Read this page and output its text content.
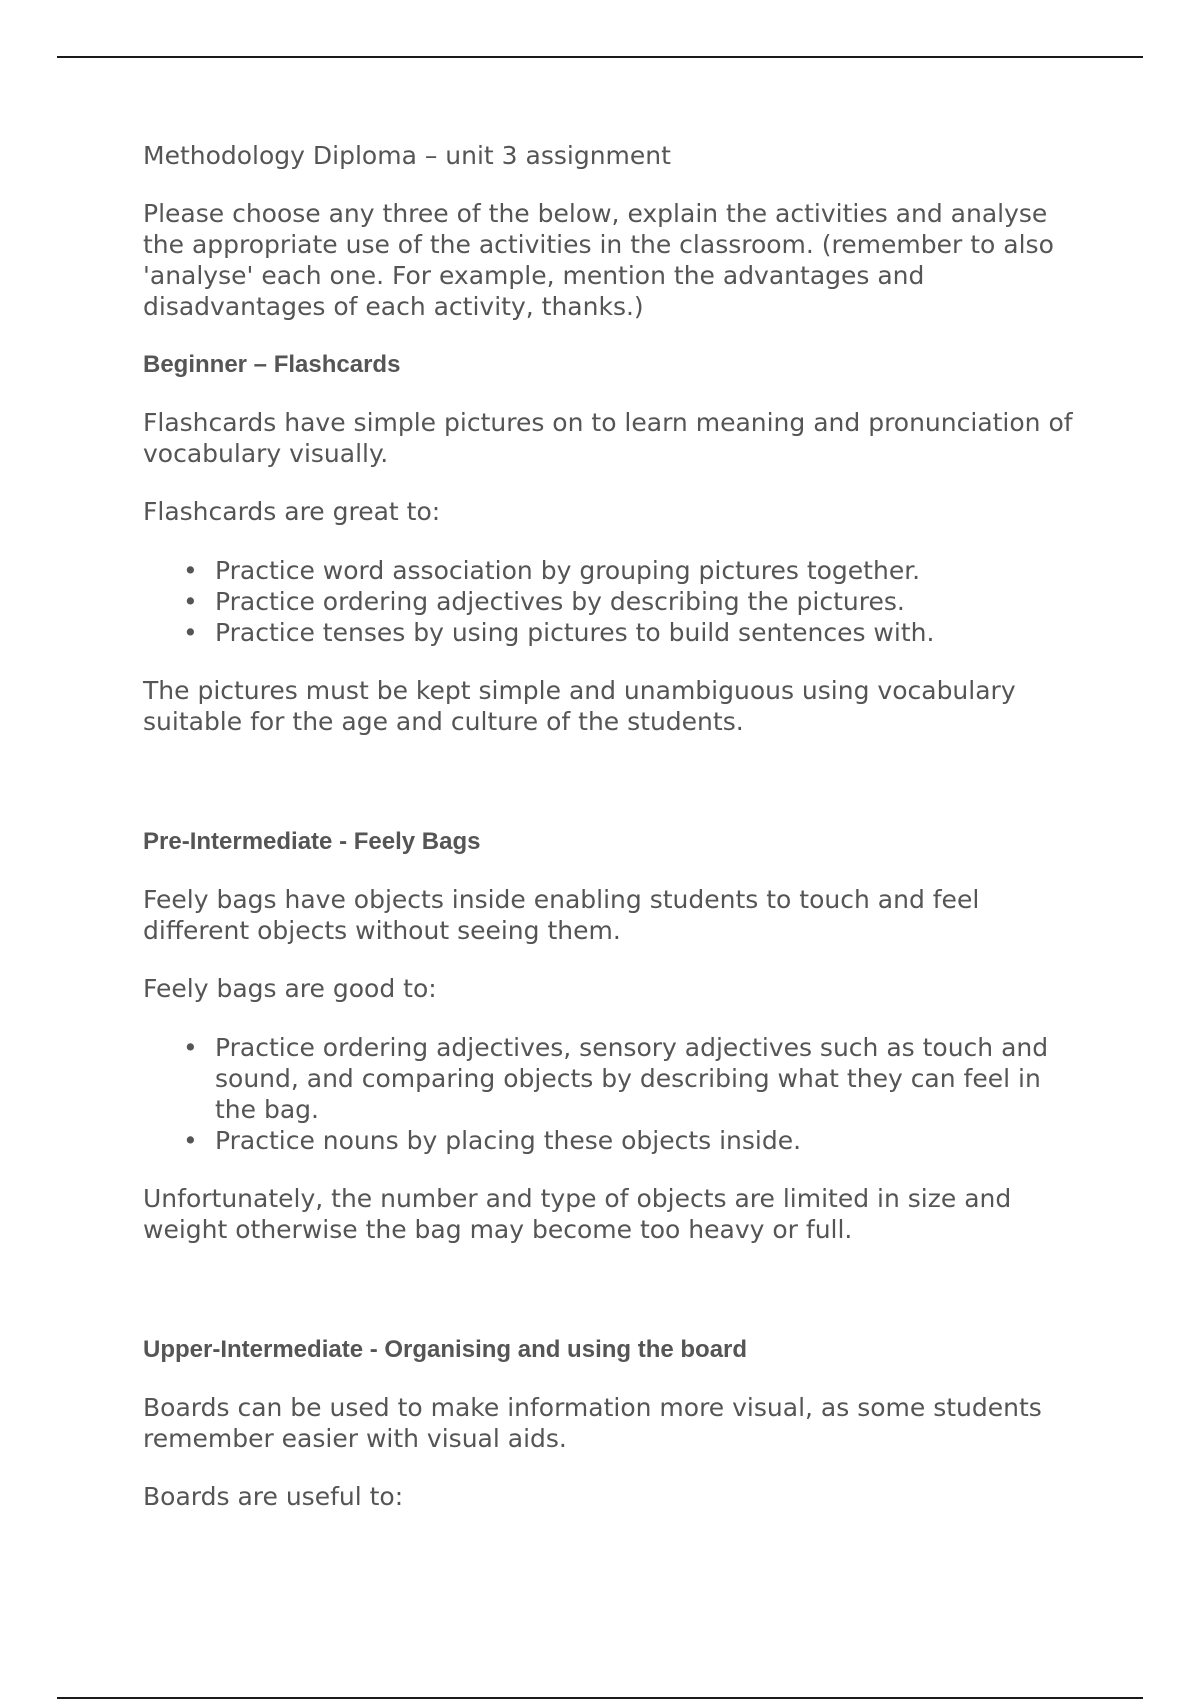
Methodology Diploma – unit 3 assignment

Please choose any three of the below, explain the activities and analyse the appropriate use of the activities in the classroom. (remember to also 'analyse' each one. For example, mention the advantages and disadvantages of each activity, thanks.)

Beginner – Flashcards

Flashcards have simple pictures on to learn meaning and pronunciation of vocabulary visually.

Flashcards are great to:

• Practice word association by grouping pictures together.
• Practice ordering adjectives by describing the pictures.
• Practice tenses by using pictures to build sentences with.

The pictures must be kept simple and unambiguous using vocabulary suitable for the age and culture of the students.

Pre-Intermediate - Feely Bags

Feely bags have objects inside enabling students to touch and feel different objects without seeing them.

Feely bags are good to:

• Practice ordering adjectives, sensory adjectives such as touch and sound, and comparing objects by describing what they can feel in the bag.
• Practice nouns by placing these objects inside.

Unfortunately, the number and type of objects are limited in size and weight otherwise the bag may become too heavy or full.

Upper-Intermediate - Organising and using the board

Boards can be used to make information more visual, as some students remember easier with visual aids.

Boards are useful to:
